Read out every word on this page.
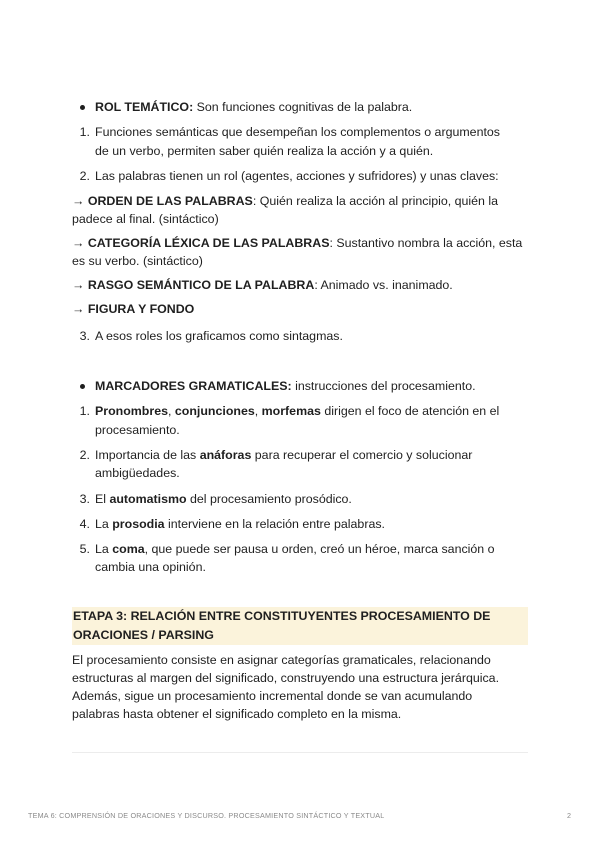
ROL TEMÁTICO: Son funciones cognitivas de la palabra.
1. Funciones semánticas que desempeñan los complementos o argumentos
de un verbo, permiten saber quién realiza la acción y a quién.
2. Las palabras tienen un rol (agentes, acciones y sufridores) y unas claves:
→ ORDEN DE LAS PALABRAS: Quién realiza la acción al principio, quién la
padece al final. (sintáctico)
→ CATEGORÍA LÉXICA DE LAS PALABRAS: Sustantivo nombra la acción, esta
es su verbo. (sintáctico)
→ RASGO SEMÁNTICO DE LA PALABRA: Animado vs. inanimado.
→ FIGURA Y FONDO
3. A esos roles los graficamos como sintagmas.
MARCADORES GRAMATICALES: instrucciones del procesamiento.
1. Pronombres, conjunciones, morfemas dirigen el foco de atención en el
procesamiento.
2. Importancia de las anáforas para recuperar el comercio y solucionar
ambigüedades.
3. El automatismo del procesamiento prosódico.
4. La prosodia interviene en la relación entre palabras.
5. La coma, que puede ser pausa u orden, creó un héroe, marca sanción o
cambia una opinión.
ETAPA 3: RELACIÓN ENTRE CONSTITUYENTES PROCESAMIENTO DE
ORACIONES / PARSING
El procesamiento consiste en asignar categorías gramaticales, relacionando
estructuras al margen del significado, construyendo una estructura jerárquica.
Además, sigue un procesamiento incremental donde se van acumulando
palabras hasta obtener el significado completo en la misma.
TEMA 6: COMPRENSIÓN DE ORACIONES Y DISCURSO. PROCESAMIENTO SINTÁCTICO Y TEXTUAL	2
